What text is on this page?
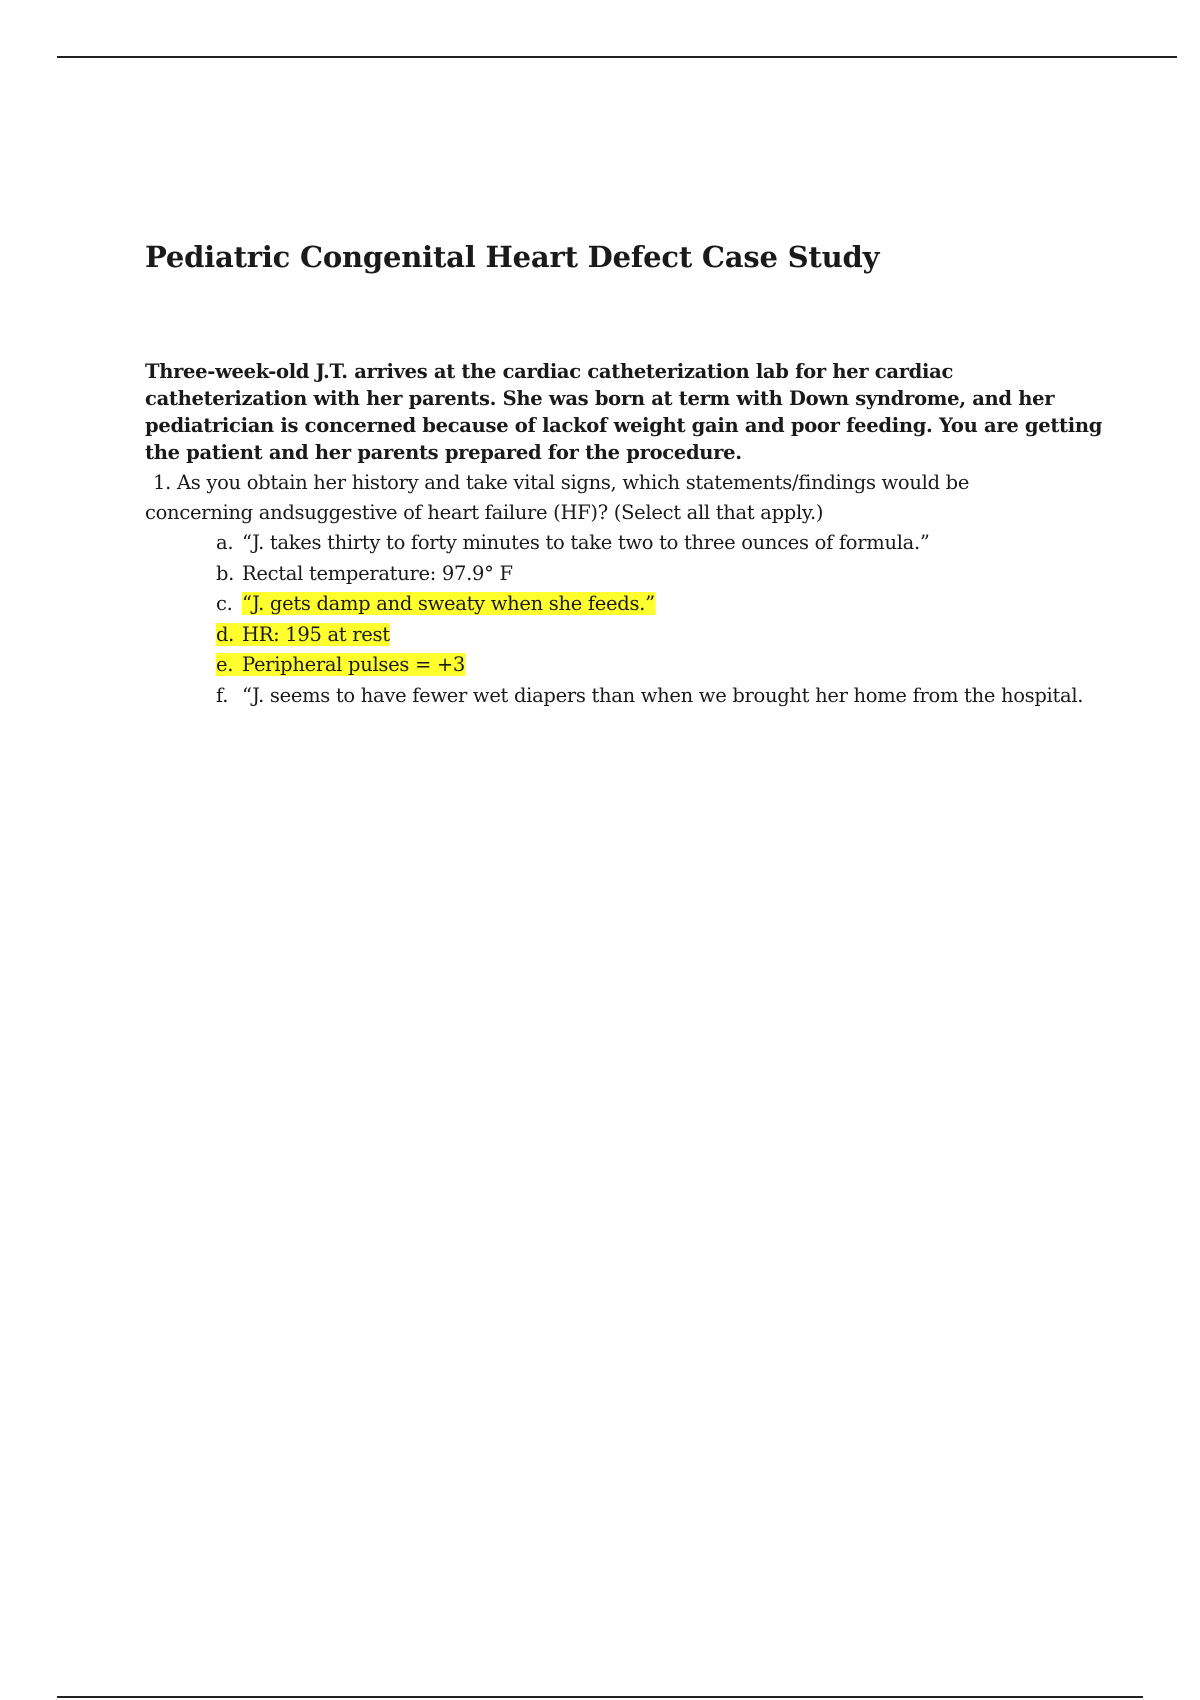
Pediatric Congenital Heart Defect Case Study

Three-week-old J.T. arrives at the cardiac catheterization lab for her cardiac catheterization with her parents. She was born at term with Down syndrome, and her pediatrician is concerned because of lackof weight gain and poor feeding. You are getting the patient and her parents prepared for the procedure.

1. As you obtain her history and take vital signs, which statements/findings would be
concerning andsuggestive of heart failure (HF)? (Select all that apply.)

a. “J. takes thirty to forty minutes to take two to three ounces of formula.”
b. Rectal temperature: 97.9° F
c. “J. gets damp and sweaty when she feeds.”
d. HR: 195 at rest
e. Peripheral pulses = +3
f. “J. seems to have fewer wet diapers than when we brought her home from the hospital.
